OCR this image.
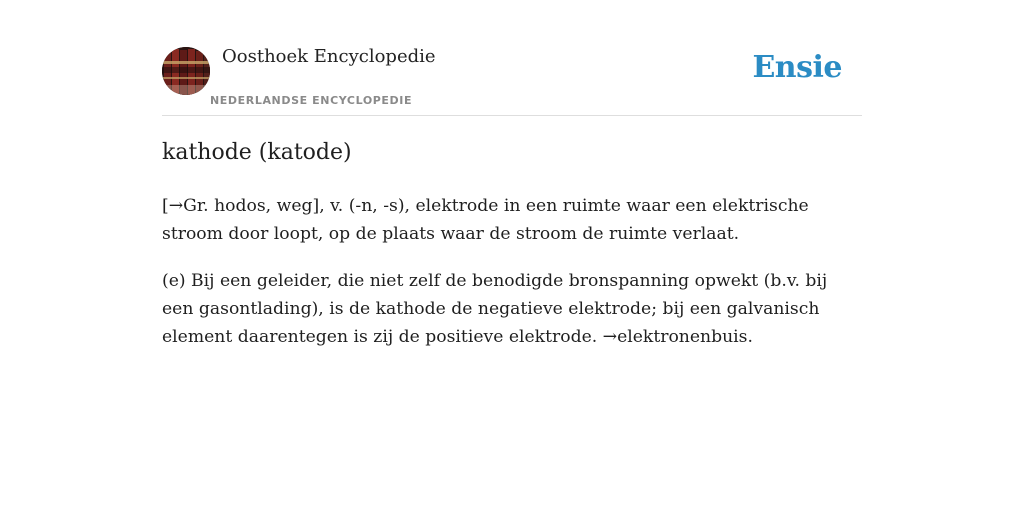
Oosthoek Encyclopedie
NEDERLANDSE ENCYCLOPEDIE
Ensie
kathode (katode)

[→Gr. hodos, weg], v. (-n, -s), elektrode in een ruimte waar een elektrische stroom door loopt, op de plaats waar de stroom de ruimte verlaat.

(e) Bij een geleider, die niet zelf de benodigde bronspanning opwekt (b.v. bij een gasontlading), is de kathode de negatieve elektrode; bij een galvanisch element daarentegen is zij de positieve elektrode. →elektronenbuis.
